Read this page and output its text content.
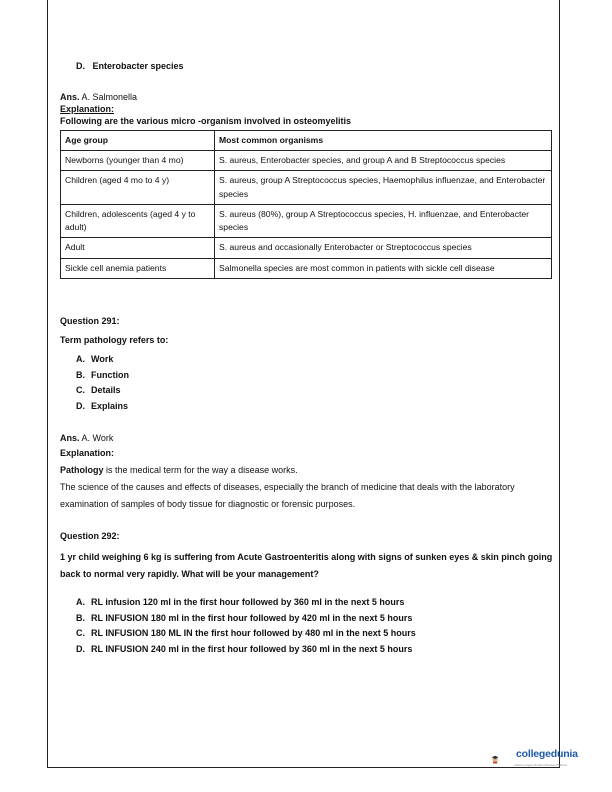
D. Enterobacter species
Ans. A. Salmonella
Explanation:
Following are the various micro -organism involved in osteomyelitis
Age group	Most common organisms
Newborns (younger than 4 mo)	S. aureus, Enterobacter species, and group A and B Streptococcus species
Children (aged 4 mo to 4 y)	S. aureus, group A Streptococcus species, Haemophilus influenzae, and Enterobacter species
Children, adolescents (aged 4 y to adult)	S. aureus (80%), group A Streptococcus species, H. influenzae, and Enterobacter species
Adult	S. aureus and occasionally Enterobacter or Streptococcus species
Sickle cell anemia patients	Salmonella species are most common in patients with sickle cell disease
Question 291:
Term pathology refers to:
A. Work
B. Function
C. Details
D. Explains
Ans. A. Work
Explanation:
Pathology is the medical term for the way a disease works.
The science of the causes and effects of diseases, especially the branch of medicine that deals with the laboratory examination of samples of body tissue for diagnostic or forensic purposes.
Question 292:
1 yr child weighing 6 kg is suffering from Acute Gastroenteritis along with signs of sunken eyes & skin pinch going back to normal very rapidly. What will be your management?
A. RL infusion 120 ml in the first hour followed by 360 ml in the next 5 hours
B. RL INFUSION 180 ml in the first hour followed by 420 ml in the next 5 hours
C. RL INFUSION 180 ML IN the first hour followed by 480 ml in the next 5 hours
D. RL INFUSION 240 ml in the first hour followed by 360 ml in the next 5 hours
collegedunia
India's Largest Student Review Platform
